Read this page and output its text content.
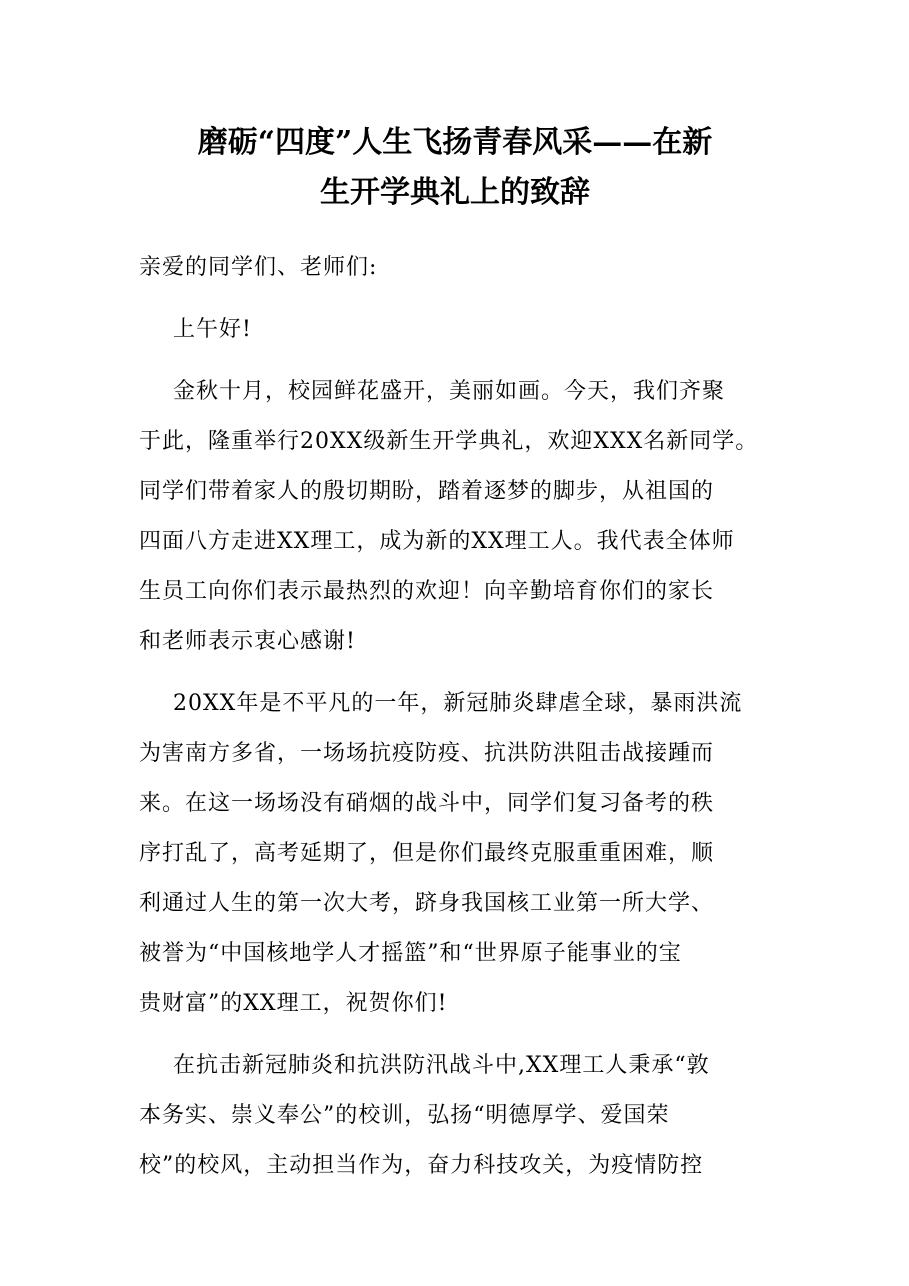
磨砺“四度”人生飞扬青春风采——在新
生开学典礼上的致辞

亲爱的同学们、老师们:

上午好!

金秋十月，校园鲜花盛开，美丽如画。今天，我们齐聚
于此，隆重举行20XX级新生开学典礼，欢迎XXX名新同学。
同学们带着家人的殷切期盼，踏着逐梦的脚步，从祖国的
四面八方走进XX理工，成为新的XX理工人。我代表全体师
生员工向你们表示最热烈的欢迎！向辛勤培育你们的家长
和老师表示衷心感谢!

20XX年是不平凡的一年，新冠肺炎肆虐全球，暴雨洪流
为害南方多省，一场场抗疫防疫、抗洪防洪阻击战接踵而
来。在这一场场没有硝烟的战斗中，同学们复习备考的秩
序打乱了，高考延期了，但是你们最终克服重重困难，顺
利通过人生的第一次大考，跻身我国核工业第一所大学、
被誉为“中国核地学人才摇篮”和“世界原子能事业的宝
贵财富”的XX理工，祝贺你们!

在抗击新冠肺炎和抗洪防汛战斗中,XX理工人秉承“敦
本务实、崇义奉公”的校训，弘扬“明德厚学、爱国荣
校”的校风，主动担当作为，奋力科技攻关，为疫情防控
